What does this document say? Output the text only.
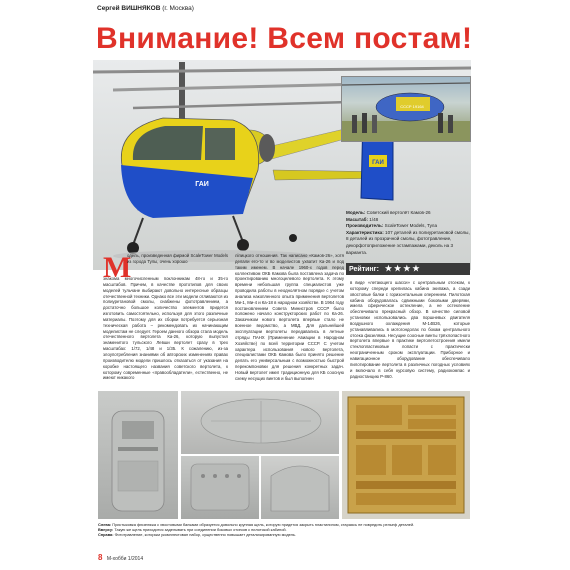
Сергей ВИШНЯКОВ (г. Москва)
Внимание! Всем постам!
ГАИ
ГАИ
СССР 19164
Модель: Советский вертолёт Камов-26
Масштаб: 1/48
Производитель: ScaleTower Models, Тула
Характеристика: 107 деталей из полиуретановой смолы, 8 деталей из прозрачной смолы, фототравление, декорфотоприложение эстампажами, деколь на 3 варианта.
Рейтинг: ★★★★
М
одель, произведенная фирмой ScaleTower Models из города Тулы, очень хорошо
знакома многочисленным поклонникам 48-го и 35-го масштабов. Причем, в качестве прототипов для своих моделей тульчане выбирают довольно интересные образцы отечественной техники. Однако все эти модели отливаются из полиуретановой смолы, снабжены фототравлением, а достаточно большое количество элементов придется изготовить самостоятельно, используя для этого различные материалы. Поэтому для их сборки потребуется серьезная техническая работа – рекомендовать их начинающим моделистам не следует. Героем данного обзора стала модель отечественного вертолета Ка-26, которую выпустил знаменитого тульского Левши вертолет сразу в трех масштабах: 1/72, 1/48 и 1/35. К сожалению, из-за злоупотребления знаниями об авторских изменениях правах производителю модели пришлось отказаться от указания на коробке настоящего названия советского вертолета, к которому современные «правообладатели», естественно, не имеют никакого
ліпицкого отношения. Так написано «Камов-26», хотя делали его-то и во моделистов ухватит Ка-26 и под таким именем. В начале 1960-х годов перед коллективом ОКБ Камова была поставлена задача по проектированию многоцелевого вертолета. К этому времени небольшая группа специалистов уже проводила работы в неоднолётном порядке с учетом анализа накопленного опыта применения вертолетов Ми-1, Ми-4 и Ка-18 в народном хозяйстве. В 1964 году постановлением Совета Министров СССР было положено начало конструкторских работ по Ка-26. Заказчиком нового вертолета впервые стало не военное ведомство, а МВД. Для дальнейшей эксплуатации вертолеты передавались в летные отряды ПАНХ (Применение Авиации в Народном Хозяйстве) по всей территории СССР. С учетом характера использования нового вертолета, специалистами ОКБ Камова было принято решение делать его универсальным с возможностью быстрой перекомпоновки для решения конкретных задач. Новый вертолет имел традиционную для КБ соосную схему несущих винтов и был выполнен
в виде «летающего шасси» с центральным отсеком, к которому спереди крепилась кабина экипажа, а сзади хвостовые балки с горизонтальным оперением. Пилотская кабина оборудовалась сдвижными боковыми дверями, имела сферическое остекление, а не остекление обеспечивало прекрасный обзор. В качестве силовой установки использовались два поршневых двигателя воздушного охлаждения М-14В26, которые устанавливались в мотогондолах по бокам центрального отсека фюзеляжа. Несущие соосные винты трёхлопастного вертолета впервые в практике вертолетостроения имели стеклопластиковые лопасти с практически неограниченным сроком эксплуатации. Приборное и навигационное оборудование обеспечивало пилотирование вертолета в различных погодных условиях и включало в себя курсовую систему, радиокомпас и радиостанцию Р-860.
Слева: Пристыковка фюзеляжа с хвостовыми балками образуется довольно крупная щель, которую придется закрыть пластилином, стараясь не повредить рельеф деталей.
Вверху: Такую же щель приходится заделывать при соединении боковых отсеков с пилотской кабиной.
Справа: Фототравление, которым укомплектован набор, существенно повышает детализированную модель.
8 М-хобби 1/2014
